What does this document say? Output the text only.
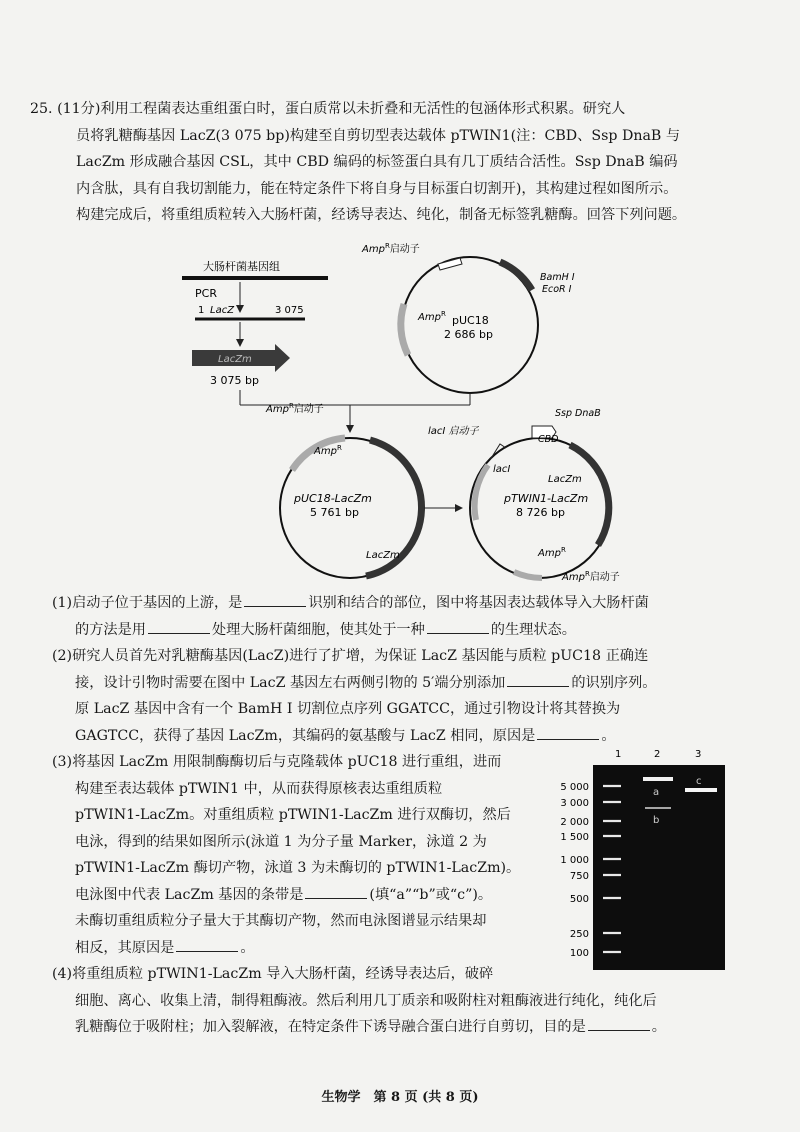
25. (11分)利用工程菌表达重组蛋白时，蛋白质常以未折叠和无活性的包涵体形式积累。研究人
员将乳糖酶基因 LacZ(3 075 bp)构建至自剪切型表达载体 pTWIN1(注：CBD、Ssp DnaB 与
LacZm 形成融合基因 CSL，其中 CBD 编码的标签蛋白具有几丁质结合活性。Ssp DnaB 编码
内含肽，具有自我切割能力，能在特定条件下将自身与目标蛋白切割开)，其构建过程如图所示。
构建完成后，将重组质粒转入大肠杆菌，经诱导表达、纯化，制备无标签乳糖酶。回答下列问题。
大肠杆菌基因组
PCR
1 LacZ	3 075
LacZm
3 075 bp
Amp$^R$启动子
BamH Ⅰ
EcoR Ⅰ
Amp$^R$ pUC18
2 686 bp
Amp$^R$启动子
Amp$^R$
pUC18-LacZm
5 761 bp
LacZm
lacⅠ 启动子
Ssp DnaB
CBD
lacⅠ
LacZm
pTWIN1-LacZm
8 726 bp
Amp$^R$
Amp$^R$启动子
(1)启动子位于基因的上游，是	识别和结合的部位，图中将基因表达载体导入大肠杆菌
的方法是用	处理大肠杆菌细胞，使其处于一种	的生理状态。
(2)研究人员首先对乳糖酶基因(LacZ)进行了扩增，为保证 LacZ 基因能与质粒 pUC18 正确连
接，设计引物时需要在图中 LacZ 基因左右两侧引物的 5′端分别添加	的识别序列。
原 LacZ 基因中含有一个 BamH Ⅰ 切割位点序列 GGATCC，通过引物设计将其替换为
GAGTCC，获得了基因 LacZm，其编码的氨基酸与 LacZ 相同，原因是	。
(3)将基因 LacZm 用限制酶酶切后与克隆载体 pUC18 进行重组，进而
构建至表达载体 pTWIN1 中，从而获得原核表达重组质粒
pTWIN1-LacZm。对重组质粒 pTWIN1-LacZm 进行双酶切，然后
电泳，得到的结果如图所示(泳道 1 为分子量 Marker，泳道 2 为
pTWIN1-LacZm 酶切产物，泳道 3 为未酶切的 pTWIN1-LacZm)。
电泳图中代表 LacZm 基因的条带是	(填“a”“b”或“c”)。
未酶切重组质粒分子量大于其酶切产物，然而电泳图谱显示结果却
相反，其原因是	。
1	2	3
5 000
3 000
2 000
1 500
1 000
750
500
250
100
a
b
c
(4)将重组质粒 pTWIN1-LacZm 导入大肠杆菌，经诱导表达后，破碎
细胞、离心、收集上清，制得粗酶液。然后利用几丁质亲和吸附柱对粗酶液进行纯化，纯化后
乳糖酶位于吸附柱；加入裂解液，在特定条件下诱导融合蛋白进行自剪切，目的是	。
生物学　第 8 页 (共 8 页)
